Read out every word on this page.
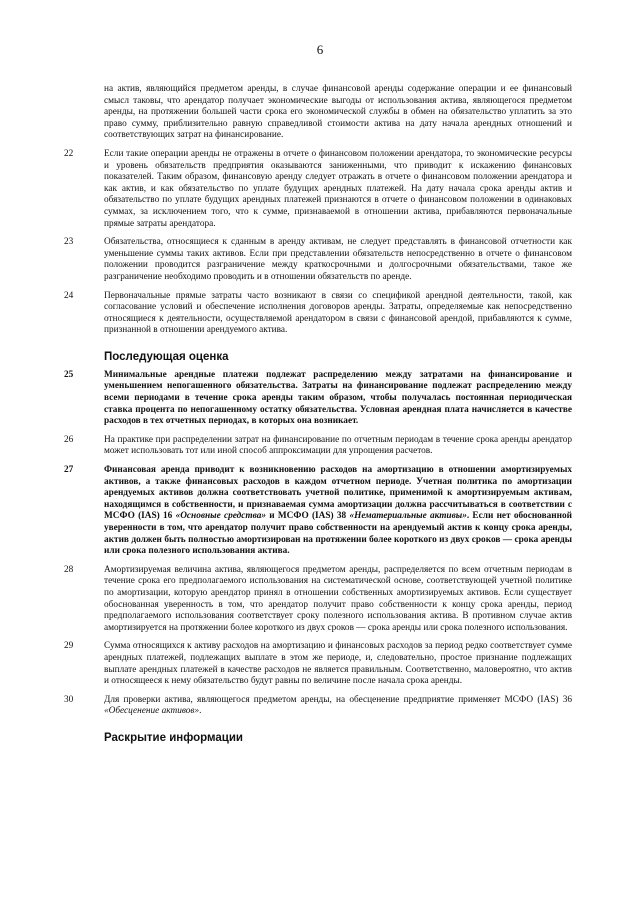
6

на актив, являющийся предметом аренды, в случае финансовой аренды содержание операции и ее финансовый смысл таковы, что арендатор получает экономические выгоды от использования актива, являющегося предметом аренды, на протяжении большей части срока его экономической службы в обмен на обязательство уплатить за это право сумму, приблизительно равную справедливой стоимости актива на дату начала арендных отношений и соответствующих затрат на финансирование.

22	Если такие операции аренды не отражены в отчете о финансовом положении арендатора, то экономические ресурсы и уровень обязательств предприятия оказываются заниженными, что приводит к искажению финансовых показателей. Таким образом, финансовую аренду следует отражать в отчете о финансовом положении арендатора и как актив, и как обязательство по уплате будущих арендных платежей. На дату начала срока аренды актив и обязательство по уплате будущих арендных платежей признаются в отчете о финансовом положении в одинаковых суммах, за исключением того, что к сумме, признаваемой в отношении актива, прибавляются первоначальные прямые затраты арендатора.

23	Обязательства, относящиеся к сданным в аренду активам, не следует представлять в финансовой отчетности как уменьшение суммы таких активов. Если при представлении обязательств непосредственно в отчете о финансовом положении проводится разграничение между краткосрочными и долгосрочными обязательствами, такое же разграничение необходимо проводить и в отношении обязательств по аренде.

24	Первоначальные прямые затраты часто возникают в связи со спецификой арендной деятельности, такой, как согласование условий и обеспечение исполнения договоров аренды. Затраты, определяемые как непосредственно относящиеся к деятельности, осуществляемой арендатором в связи с финансовой арендой, прибавляются к сумме, признанной в отношении арендуемого актива.

Последующая оценка
25	Минимальные арендные платежи подлежат распределению между затратами на финансирование и уменьшением непогашенного обязательства. Затраты на финансирование подлежат распределению между всеми периодами в течение срока аренды таким образом, чтобы получалась постоянная периодическая ставка процента по непогашенному остатку обязательства. Условная арендная плата начисляется в качестве расходов в тех отчетных периодах, в которых она возникает.

26	На практике при распределении затрат на финансирование по отчетным периодам в течение срока аренды арендатор может использовать тот или иной способ аппроксимации для упрощения расчетов.

27	Финансовая аренда приводит к возникновению расходов на амортизацию в отношении амортизируемых активов, а также финансовых расходов в каждом отчетном периоде. Учетная политика по амортизации арендуемых активов должна соответствовать учетной политике, применимой к амортизируемым активам, находящимся в собственности, и признаваемая сумма амортизации должна рассчитываться в соответствии с МСФО (IAS) 16 «Основные средства» и МСФО (IAS) 38 «Нематериальные активы». Если нет обоснованной уверенности в том, что арендатор получит право собственности на арендуемый актив к концу срока аренды, актив должен быть полностью амортизирован на протяжении более короткого из двух сроков — срока аренды или срока полезного использования актива.

28	Амортизируемая величина актива, являющегося предметом аренды, распределяется по всем отчетным периодам в течение срока его предполагаемого использования на систематической основе, соответствующей учетной политике по амортизации, которую арендатор принял в отношении собственных амортизируемых активов. Если существует обоснованная уверенность в том, что арендатор получит право собственности к концу срока аренды, период предполагаемого использования соответствует сроку полезного использования актива. В противном случае актив амортизируется на протяжении более короткого из двух сроков — срока аренды или срока полезного использования.

29	Сумма относящихся к активу расходов на амортизацию и финансовых расходов за период редко соответствует сумме арендных платежей, подлежащих выплате в этом же периоде, и, следовательно, простое признание подлежащих выплате арендных платежей в качестве расходов не является правильным. Соответственно, маловероятно, что актив и относящееся к нему обязательство будут равны по величине после начала срока аренды.

30	Для проверки актива, являющегося предметом аренды, на обесценение предприятие применяет МСФО (IAS) 36 «Обесценение активов».

Раскрытие информации
